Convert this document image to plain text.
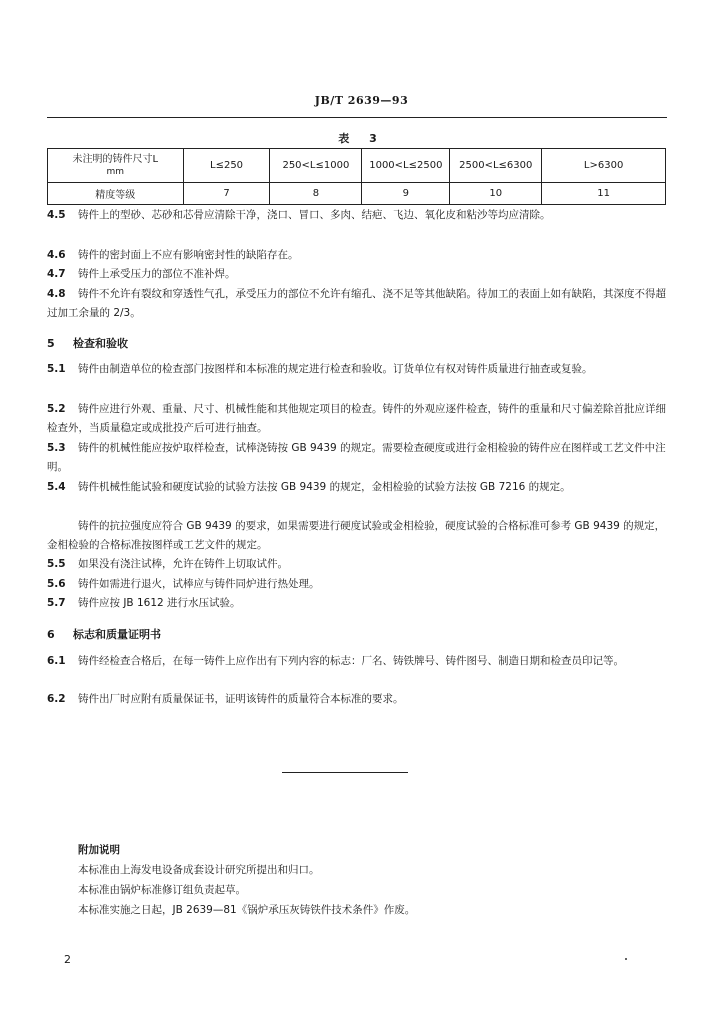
JB/T 2639—93
表 3
未注明的铸件尺寸L
mm	L≤250	250<L≤1000	1000<L≤2500	2500<L≤6300	L>6300
精度等级	7	8	9	10	11
4.5 铸件上的型砂、芯砂和芯骨应清除干净，浇口、冒口、多肉、结疤、飞边、氧化皮和粘沙等均应清除。
4.6 铸件的密封面上不应有影响密封性的缺陷存在。
4.7 铸件上承受压力的部位不准补焊。
4.8 铸件不允许有裂纹和穿透性气孔，承受压力的部位不允许有缩孔、浇不足等其他缺陷。待加工的表面上如有缺陷，其深度不得超过加工余量的 2/3。
5 检查和验收
5.1 铸件由制造单位的检查部门按图样和本标准的规定进行检查和验收。订货单位有权对铸件质量进行抽查或复验。
5.2 铸件应进行外观、重量、尺寸、机械性能和其他规定项目的检查。铸件的外观应逐件检查，铸件的重量和尺寸偏差除首批应详细检查外，当质量稳定或成批投产后可进行抽查。
5.3 铸件的机械性能应按炉取样检查，试棒浇铸按 GB 9439 的规定。需要检查硬度或进行金相检验的铸件应在图样或工艺文件中注明。
5.4 铸件机械性能试验和硬度试验的试验方法按 GB 9439 的规定，金相检验的试验方法按 GB 7216 的规定。
铸件的抗拉强度应符合 GB 9439 的要求，如果需要进行硬度试验或金相检验，硬度试验的合格标准可参考 GB 9439 的规定，金相检验的合格标准按图样或工艺文件的规定。
5.5 如果没有浇注试棒，允许在铸件上切取试件。
5.6 铸件如需进行退火，试棒应与铸件同炉进行热处理。
5.7 铸件应按 JB 1612 进行水压试验。
6 标志和质量证明书
6.1 铸件经检查合格后，在每一铸件上应作出有下列内容的标志：厂名、铸铁牌号、铸件图号、制造日期和检查员印记等。
6.2 铸件出厂时应附有质量保证书，证明该铸件的质量符合本标准的要求。
附加说明
本标准由上海发电设备成套设计研究所提出和归口。
本标准由锅炉标准修订组负责起草。
本标准实施之日起，JB 2639—81《锅炉承压灰铸铁件技术条件》作废。
2
